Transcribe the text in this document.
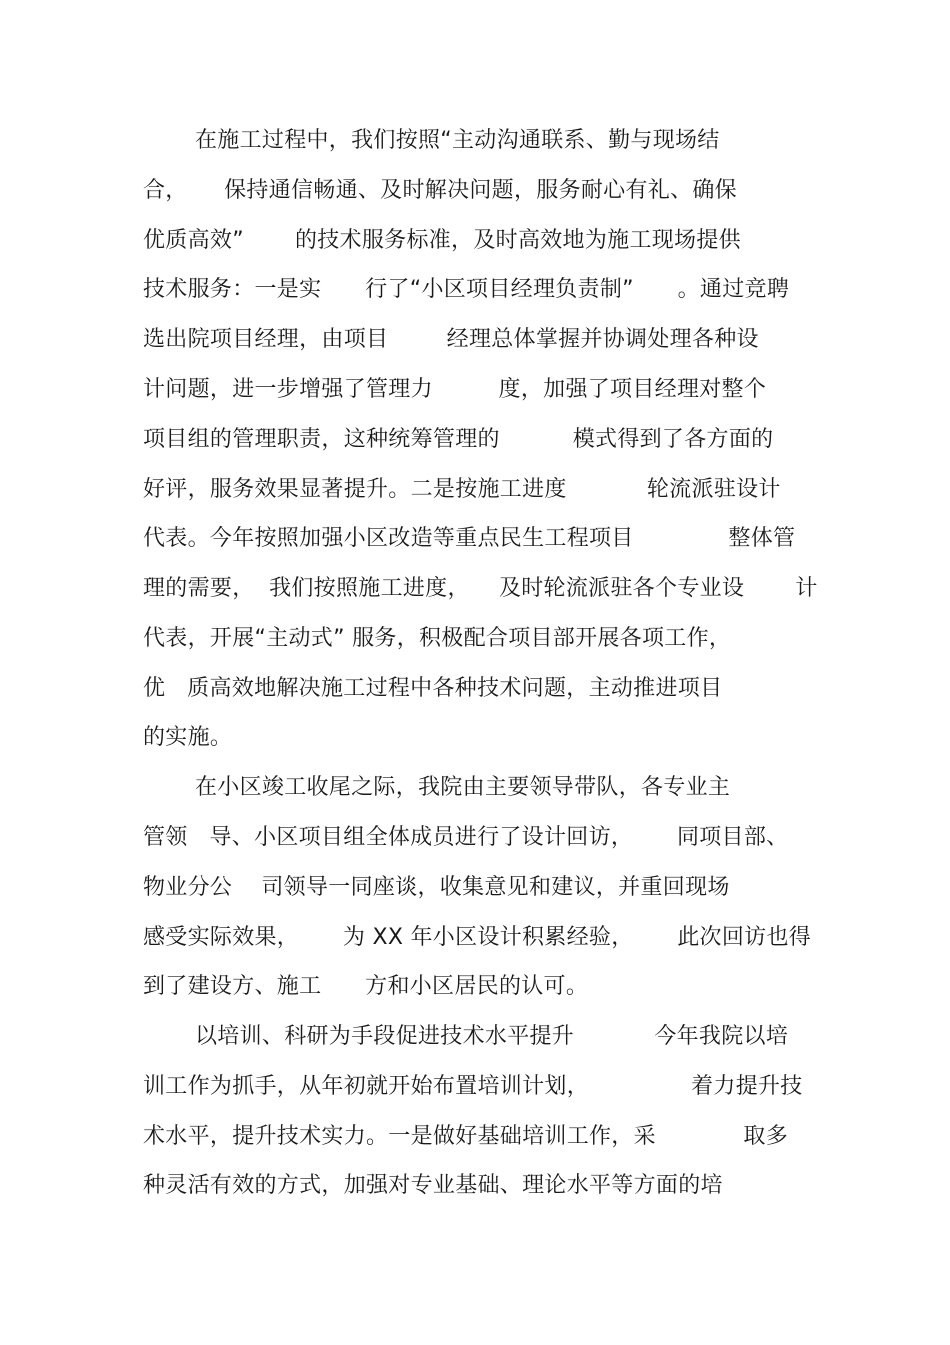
在施工过程中，我们按照“主动沟通联系、勤与现场结
合，     保持通信畅通、及时解决问题，服务耐心有礼、确保
优质高效”       的技术服务标准，及时高效地为施工现场提供
技术服务：一是实      行了“小区项目经理负责制”      。通过竞聘
选出院项目经理，由项目        经理总体掌握并协调处理各种设
计问题，进一步增强了管理力         度，加强了项目经理对整个
项目组的管理职责，这种统筹管理的          模式得到了各方面的
好评，服务效果显著提升。二是按施工进度           轮流派驻设计
代表。今年按照加强小区改造等重点民生工程项目             整体管
理的需要，  我们按照施工进度，    及时轮流派驻各个专业设       计
代表，开展“主动式” 服务，积极配合项目部开展各项工作，
优   质高效地解决施工过程中各种技术问题，主动推进项目
的实施。
在小区竣工收尾之际，我院由主要领导带队，各专业主
管领   导、小区项目组全体成员进行了设计回访，      同项目部、
物业分公    司领导一同座谈，收集意见和建议，并重回现场
感受实际效果，      为 XX 年小区设计积累经验，      此次回访也得
到了建设方、施工      方和小区居民的认可。
以培训、科研为手段促进技术水平提升           今年我院以培
训工作为抓手，从年初就开始布置培训计划，              着力提升技
术水平，提升技术实力。一是做好基础培训工作，采            取多
种灵活有效的方式，加强对专业基础、理论水平等方面的培
